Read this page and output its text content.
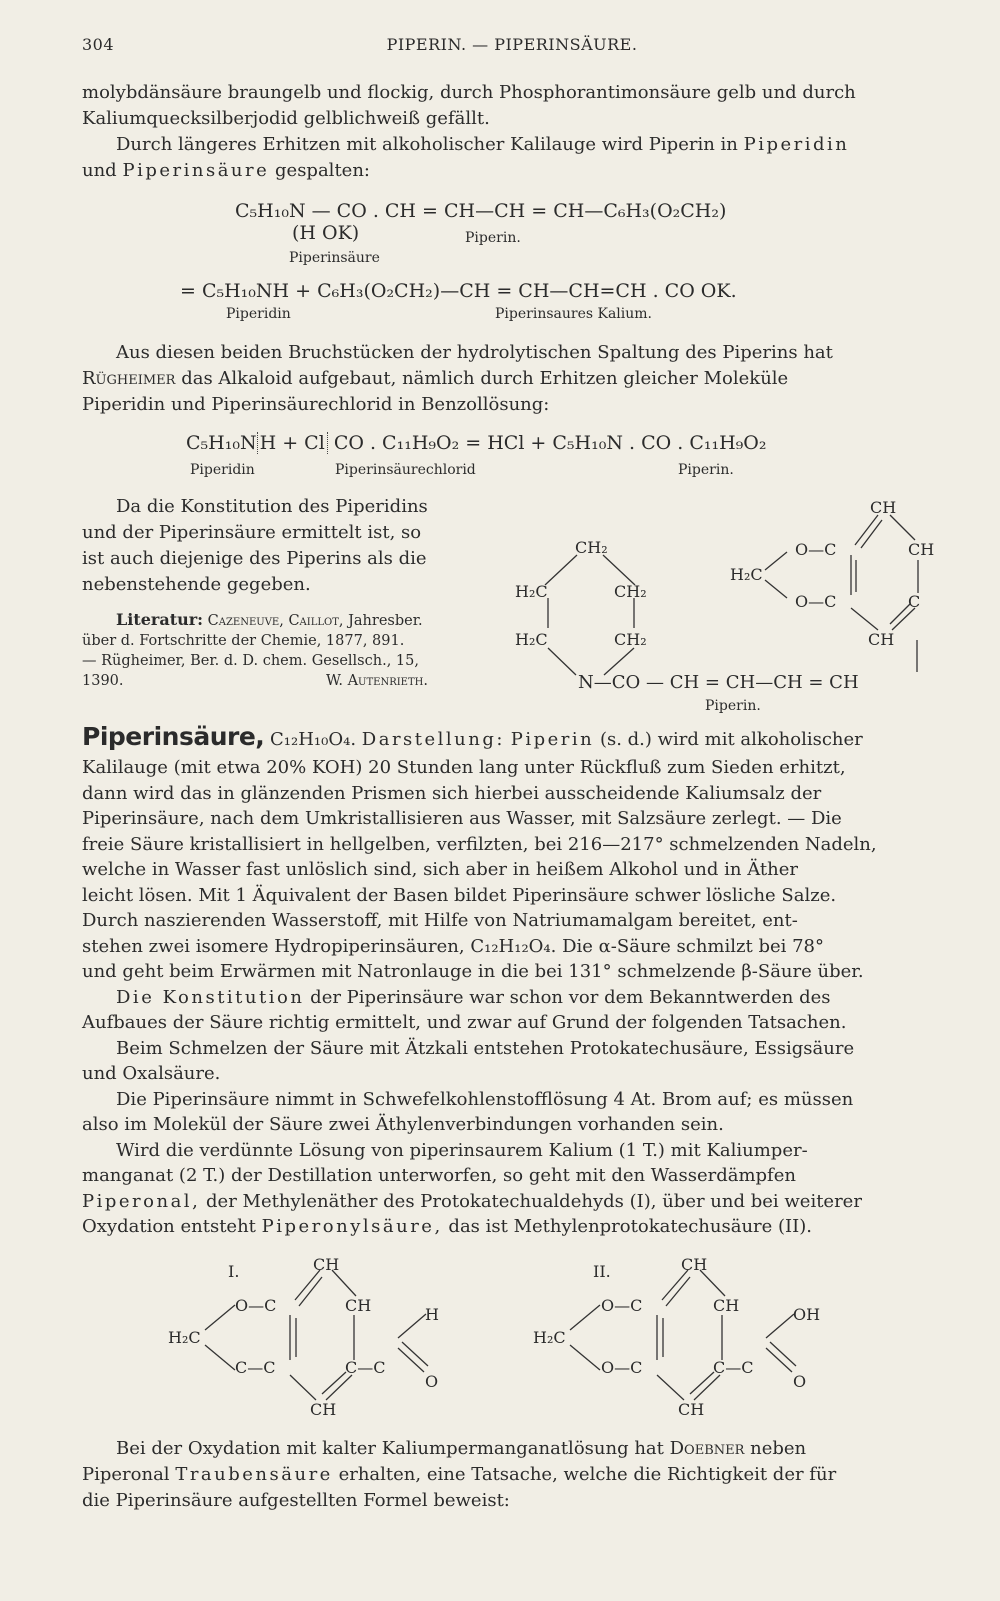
304	PIPERIN. — PIPERINSÄURE.
molybdänsäure braungelb und flockig, durch Phosphorantimonsäure gelb und durch
Kaliumquecksilberjodid gelblichweiß gefällt.
Durch längeres Erhitzen mit alkoholischer Kalilauge wird Piperin in Piperidin
und Piperinsäure gespalten:
C₅H₁₀N — CO . CH = CH—CH = CH—C₆H₃(O₂CH₂)
(H OK)	Piperin.
Piperinsäure
= C₅H₁₀NH + C₆H₃(O₂CH₂)—CH = CH—CH=CH . CO OK.
Piperidin	Piperinsaures Kalium.
Aus diesen beiden Bruchstücken der hydrolytischen Spaltung des Piperins hat
Rügheimer das Alkaloid aufgebaut, nämlich durch Erhitzen gleicher Moleküle
Piperidin und Piperinsäurechlorid in Benzollösung:
C₅H₁₀N H + Cl CO . C₁₁H₉O₂ = HCl + C₅H₁₀N . CO . C₁₁H₉O₂
Piperidin	Piperinsäurechlorid	Piperin.
Da die Konstitution des Piperidins
und der Piperinsäure ermittelt ist, so
ist auch diejenige des Piperins als die
nebenstehende gegeben.
Literatur: Cazeneuve, Caillot, Jahresber.
über d. Fortschritte der Chemie, 1877, 891.
— Rügheimer, Ber. d. D. chem. Gesellsch., 15,
1390.	W. Autenrieth.
CH₂
H₂C	CH₂
H₂C	CH₂
N—CO — CH = CH—CH = CH
H₂C
O—C
O—C
CH
CH
C
CH
Piperin.
Piperinsäure, C₁₂H₁₀O₄. Darstellung: Piperin (s. d.) wird mit alkoholischer
Kalilauge (mit etwa 20% KOH) 20 Stunden lang unter Rückfluß zum Sieden erhitzt,
dann wird das in glänzenden Prismen sich hierbei ausscheidende Kaliumsalz der
Piperinsäure, nach dem Umkristallisieren aus Wasser, mit Salzsäure zerlegt. — Die
freie Säure kristallisiert in hellgelben, verfilzten, bei 216—217° schmelzenden Nadeln,
welche in Wasser fast unlöslich sind, sich aber in heißem Alkohol und in Äther
leicht lösen. Mit 1 Äquivalent der Basen bildet Piperinsäure schwer lösliche Salze.
Durch naszierenden Wasserstoff, mit Hilfe von Natriumamalgam bereitet, ent-
stehen zwei isomere Hydropiperinsäuren, C₁₂H₁₂O₄. Die α-Säure schmilzt bei 78°
und geht beim Erwärmen mit Natronlauge in die bei 131° schmelzende β-Säure über.
Die Konstitution der Piperinsäure war schon vor dem Bekanntwerden des
Aufbaues der Säure richtig ermittelt, und zwar auf Grund der folgenden Tatsachen.
Beim Schmelzen der Säure mit Ätzkali entstehen Protokatechusäure, Essigsäure
und Oxalsäure.
Die Piperinsäure nimmt in Schwefelkohlenstofflösung 4 At. Brom auf; es müssen
also im Molekül der Säure zwei Äthylenverbindungen vorhanden sein.
Wird die verdünnte Lösung von piperinsaurem Kalium (1 T.) mit Kaliumper-
manganat (2 T.) der Destillation unterworfen, so geht mit den Wasserdämpfen
Piperonal, der Methylenäther des Protokatechualdehyds (I), über und bei weiterer
Oxydation entsteht Piperonylsäure, das ist Methylenprotokatechusäure (II).
I.	CH
H₂C
O—C	CH
C—C	C—C
H
O
CH
II.	CH
H₂C
O—C	CH
O—C	C—C
OH
O
CH
Bei der Oxydation mit kalter Kaliumpermanganatlösung hat Doebner neben
Piperonal Traubensäure erhalten, eine Tatsache, welche die Richtigkeit der für
die Piperinsäure aufgestellten Formel beweist:
